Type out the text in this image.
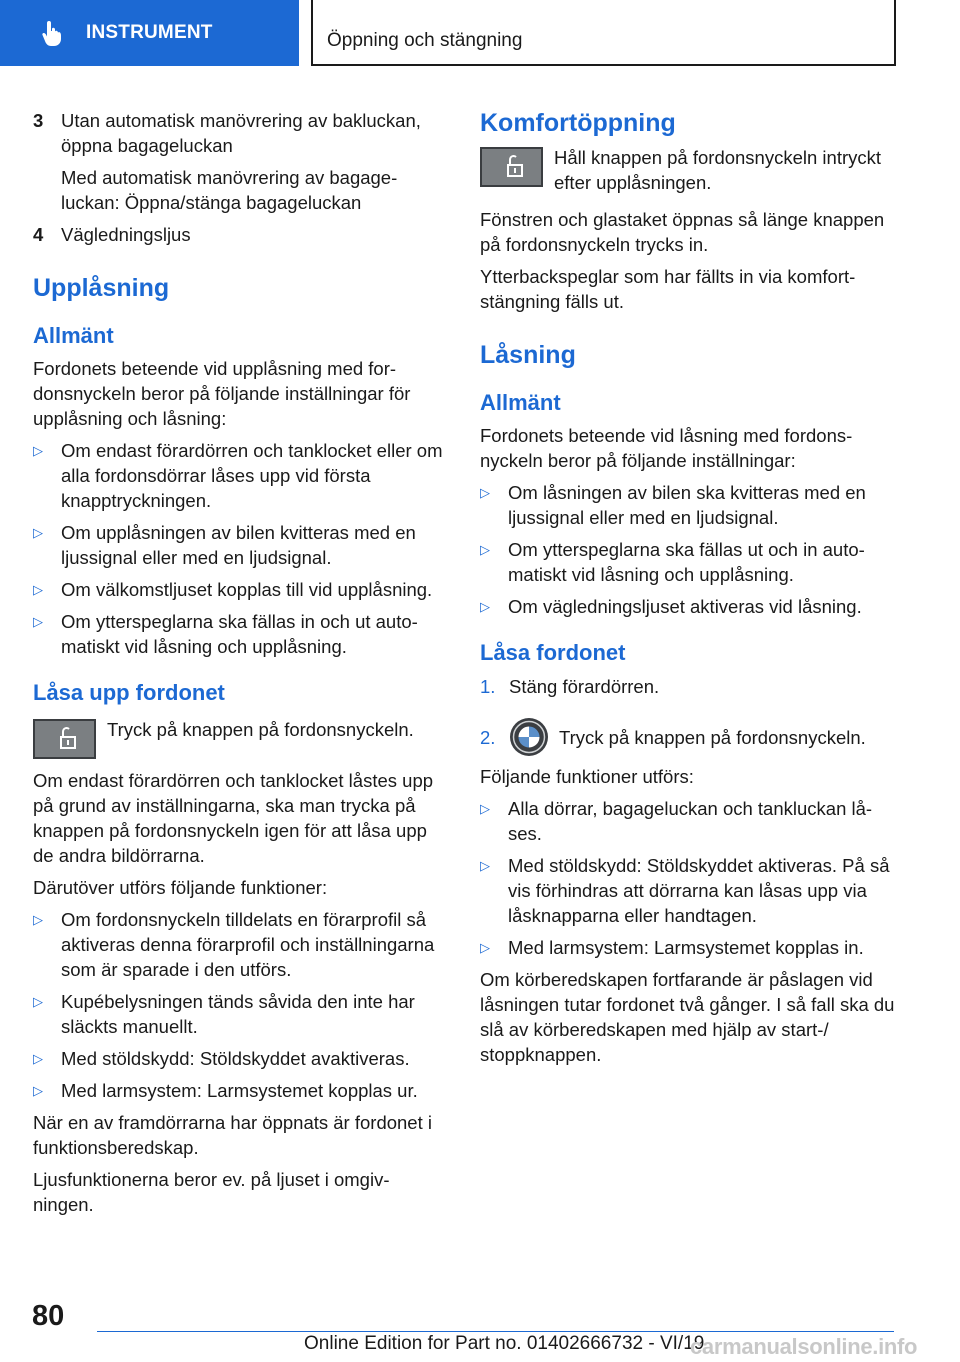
INSTRUMENT	Öppning och stängning
3 Utan automatisk manövrering av bakluckan, öppna bagageluckan
Med automatisk manövrering av bagage-luckan: Öppna/stänga bagageluckan
4 Vägledningsljus
Upplåsning
Allmänt

Fordonets beteende vid upplåsning med for-donsnyckeln beror på följande inställningar för upplåsning och låsning:

▷ Om endast förardörren och tanklocket eller om alla fordonsdörrar låses upp vid första knapptryckningen.
▷ Om upplåsningen av bilen kvitteras med en ljussignal eller med en ljudsignal.
▷ Om välkomstljuset kopplas till vid upplåsning.
▷ Om ytterspeglarna ska fällas in och ut auto-matiskt vid låsning och upplåsning.
Låsa upp fordonet
Tryck på knappen på fordonsnyckeln.

Om endast förardörren och tanklocket låstes upp på grund av inställningarna, ska man trycka på knappen på fordonsnyckeln igen för att låsa upp de andra bildörrarna.

Därutöver utförs följande funktioner:

▷ Om fordonsnyckeln tilldelats en förarprofil så aktiveras denna förarprofil och inställningarna som är sparade i den utförs.
▷ Kupébelysningen tänds såvida den inte har släckts manuellt.
▷ Med stöldskydd: Stöldskyddet avaktiveras.
▷ Med larmsystem: Larmsystemet kopplas ur.

När en av framdörrarna har öppnats är fordonet i funktionsberedskap.

Ljusfunktionerna beror ev. på ljuset i omgiv-ningen.

Komfortöppning
Håll knappen på fordonsnyckeln intryckt efter upplåsningen.

Fönstren och glastaket öppnas så länge knappen på fordonsnyckeln trycks in.

Ytterbackspeglar som har fällts in via komfort-stängning fälls ut.

Låsning
Allmänt

Fordonets beteende vid låsning med fordons-nyckeln beror på följande inställningar:

▷ Om låsningen av bilen ska kvitteras med en ljussignal eller med en ljudsignal.
▷ Om ytterspeglarna ska fällas ut och in auto-matiskt vid låsning och upplåsning.
▷ Om vägledningsljuset aktiveras vid låsning.
Låsa fordonet
1. Stäng förardörren.
2.	Tryck på knappen på fordonsnyckeln.

Följande funktioner utförs:

▷ Alla dörrar, bagageluckan och tankluckan lå-ses.
▷ Med stöldskydd: Stöldskyddet aktiveras. På så vis förhindras att dörrarna kan låsas upp via låsknapparna eller handtagen.
▷ Med larmsystem: Larmsystemet kopplas in.

Om körberedskapen fortfarande är påslagen vid låsningen tutar fordonet två gånger. I så fall ska du slå av körberedskapen med hjälp av start-/ stoppknappen.

80
Online Edition for Part no. 01402666732 - VI/19
carmanualsonline.info
